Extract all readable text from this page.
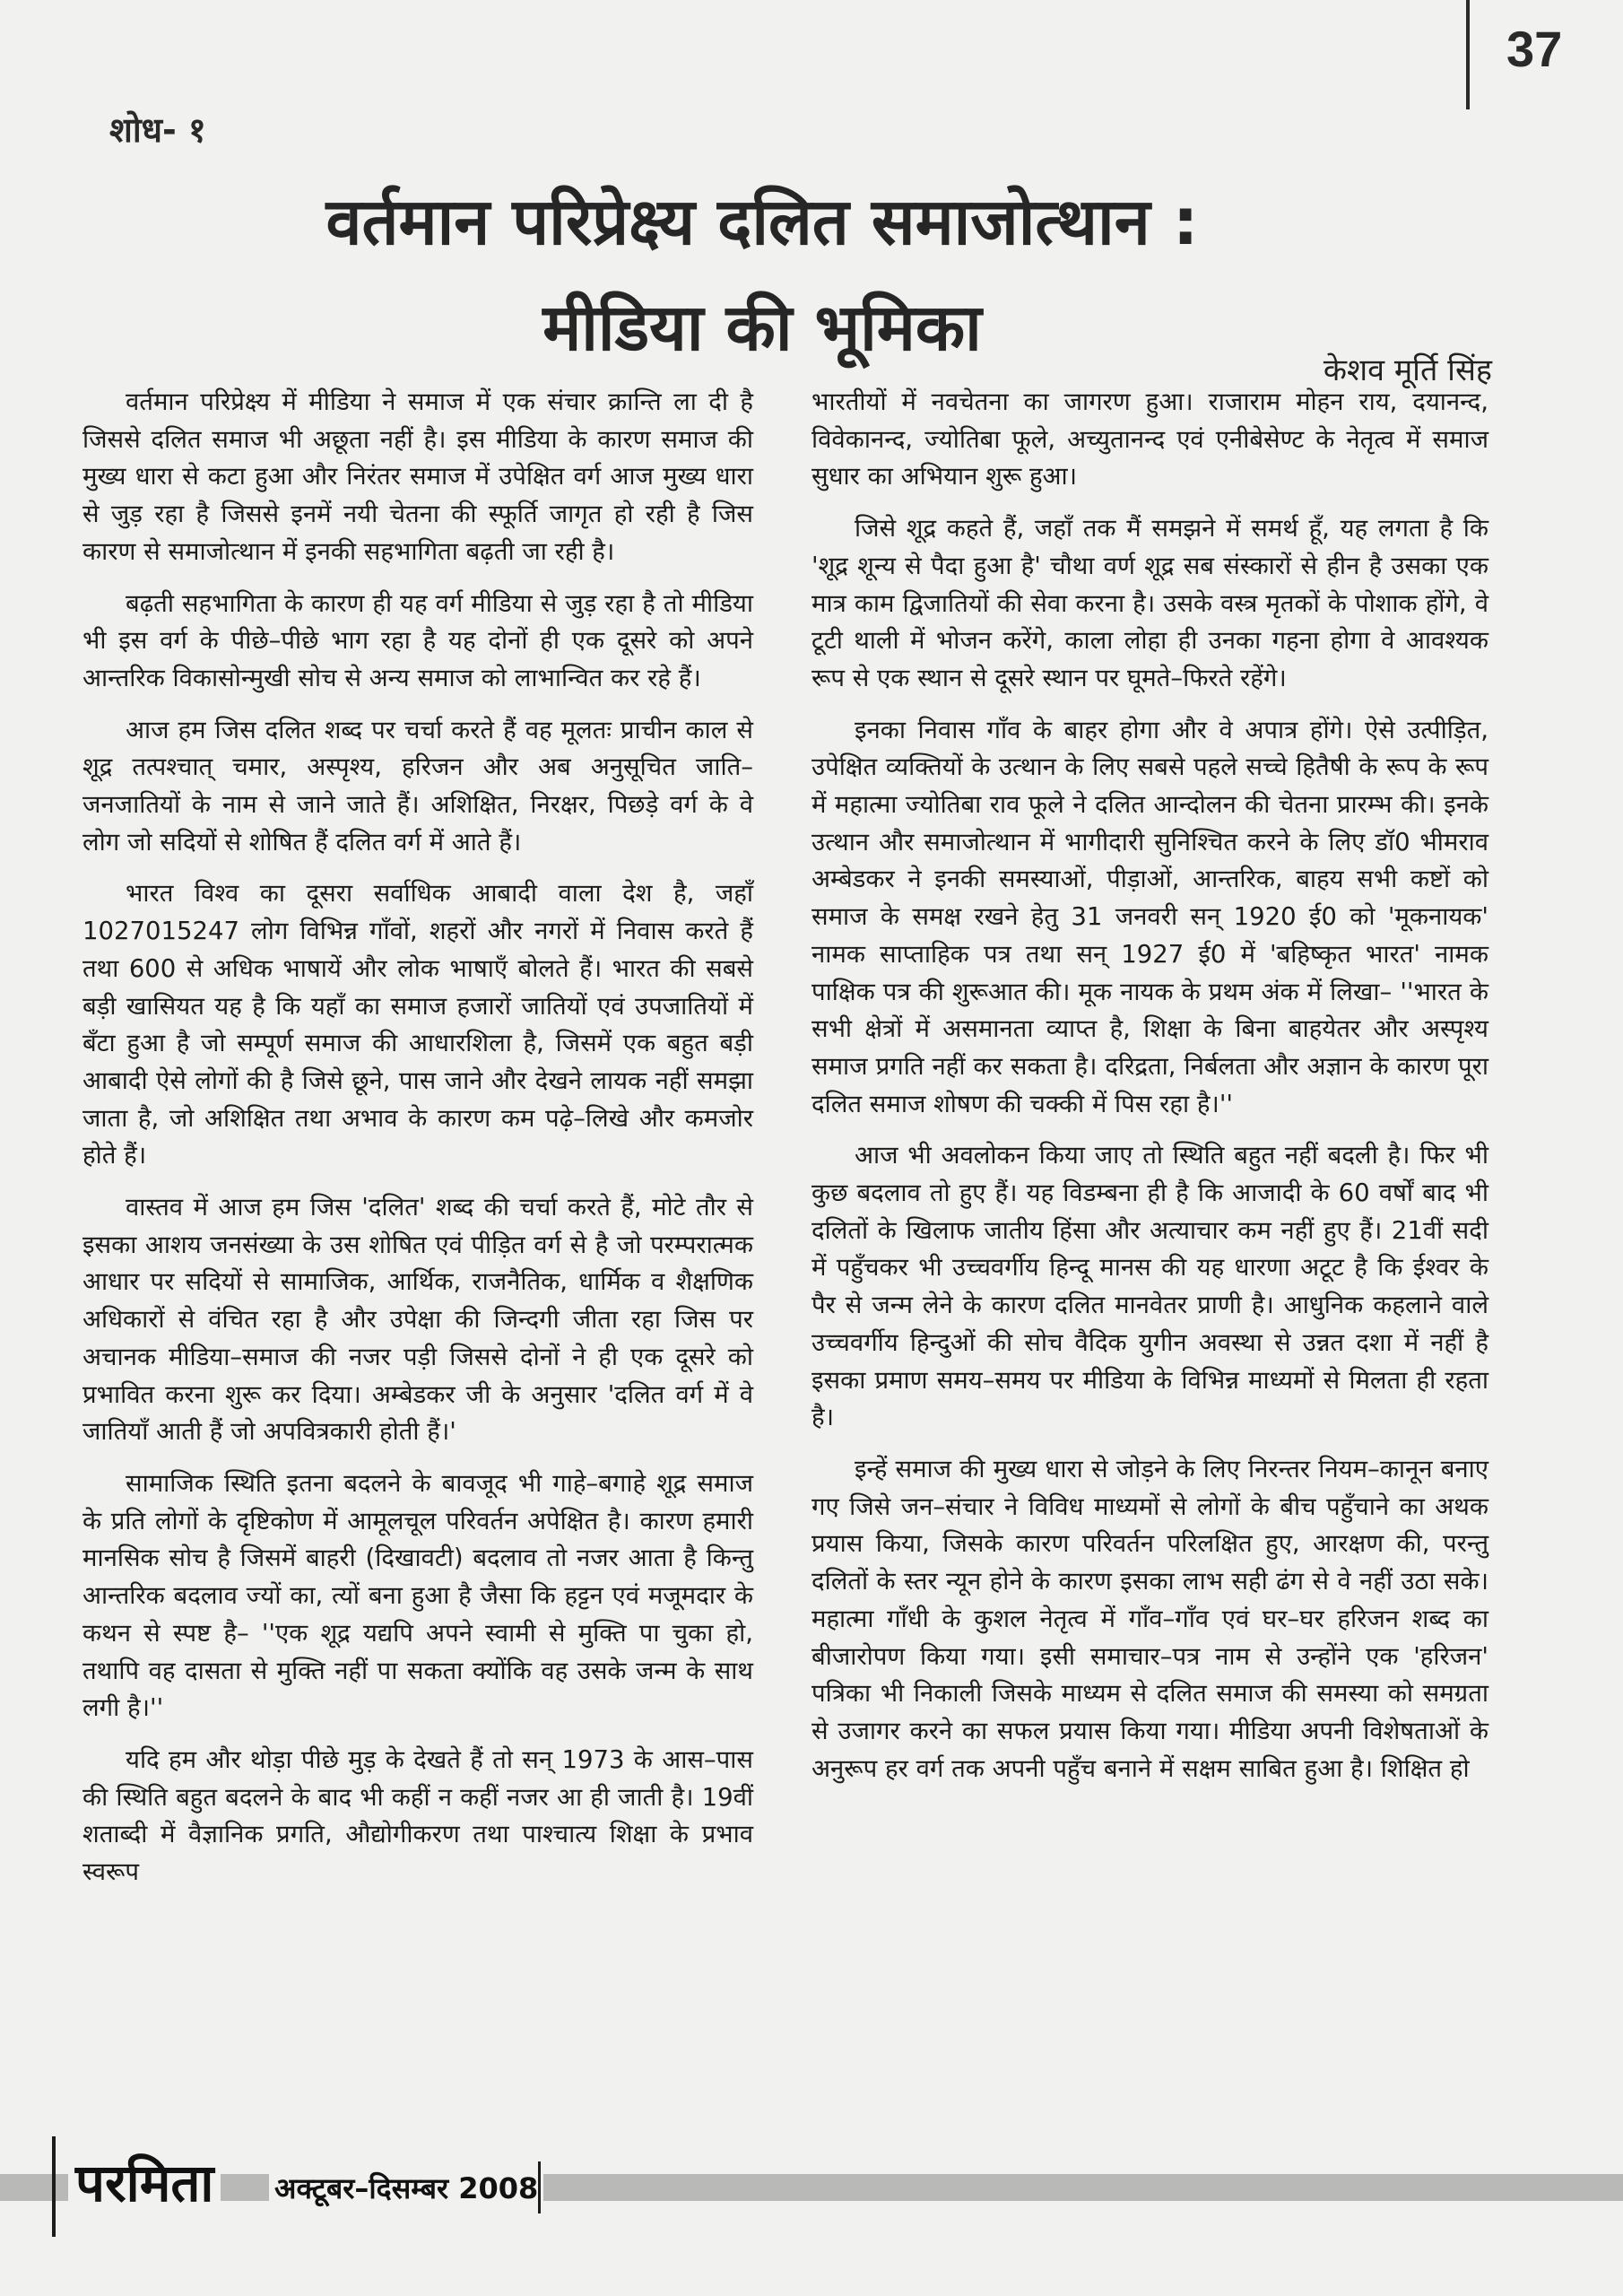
37
शोध- १
वर्तमान परिप्रेक्ष्य दलित समाजोत्थान :
मीडिया की भूमिका
केशव मूर्ति सिंह

वर्तमान परिप्रेक्ष्य में मीडिया ने समाज में एक संचार क्रान्ति ला दी है जिससे दलित समाज भी अछूता नहीं है। इस मीडिया के कारण समाज की मुख्य धारा से कटा हुआ और निरंतर समाज में उपेक्षित वर्ग आज मुख्य धारा से जुड़ रहा है जिससे इनमें नयी चेतना की स्फूर्ति जागृत हो रही है जिस कारण से समाजोत्थान में इनकी सहभागिता बढ़ती जा रही है।

बढ़ती सहभागिता के कारण ही यह वर्ग मीडिया से जुड़ रहा है तो मीडिया भी इस वर्ग के पीछे–पीछे भाग रहा है यह दोनों ही एक दूसरे को अपने आन्तरिक विकासोन्मुखी सोच से अन्य समाज को लाभान्वित कर रहे हैं।

आज हम जिस दलित शब्द पर चर्चा करते हैं वह मूलतः प्राचीन काल से शूद्र तत्पश्चात् चमार, अस्पृश्य, हरिजन और अब अनुसूचित जाति–जनजातियों के नाम से जाने जाते हैं। अशिक्षित, निरक्षर, पिछड़े वर्ग के वे लोग जो सदियों से शोषित हैं दलित वर्ग में आते हैं।

भारत विश्व का दूसरा सर्वाधिक आबादी वाला देश है, जहाँ 1027015247 लोग विभिन्न गाँवों, शहरों और नगरों में निवास करते हैं तथा 600 से अधिक भाषायें और लोक भाषाएँ बोलते हैं। भारत की सबसे बड़ी खासियत यह है कि यहाँ का समाज हजारों जातियों एवं उपजातियों में बँटा हुआ है जो सम्पूर्ण समाज की आधारशिला है, जिसमें एक बहुत बड़ी आबादी ऐसे लोगों की है जिसे छूने, पास जाने और देखने लायक नहीं समझा जाता है, जो अशिक्षित तथा अभाव के कारण कम पढ़े–लिखे और कमजोर होते हैं।

वास्तव में आज हम जिस 'दलित' शब्द की चर्चा करते हैं, मोटे तौर से इसका आशय जनसंख्या के उस शोषित एवं पीड़ित वर्ग से है जो परम्परात्मक आधार पर सदियों से सामाजिक, आर्थिक, राजनैतिक, धार्मिक व शैक्षणिक अधिकारों से वंचित रहा है और उपेक्षा की जिन्दगी जीता रहा जिस पर अचानक मीडिया–समाज की नजर पड़ी जिससे दोनों ने ही एक दूसरे को प्रभावित करना शुरू कर दिया। अम्बेडकर जी के अनुसार 'दलित वर्ग में वे जातियाँ आती हैं जो अपवित्रकारी होती हैं।'

सामाजिक स्थिति इतना बदलने के बावजूद भी गाहे–बगाहे शूद्र समाज के प्रति लोगों के दृष्टिकोण में आमूलचूल परिवर्तन अपेक्षित है। कारण हमारी मानसिक सोच है जिसमें बाहरी (दिखावटी) बदलाव तो नजर आता है किन्तु आन्तरिक बदलाव ज्यों का, त्यों बना हुआ है जैसा कि हट्टन एवं मजूमदार के कथन से स्पष्ट है– ''एक शूद्र यद्यपि अपने स्वामी से मुक्ति पा चुका हो, तथापि वह दासता से मुक्ति नहीं पा सकता क्योंकि वह उसके जन्म के साथ लगी है।''

यदि हम और थोड़ा पीछे मुड़ के देखते हैं तो सन् 1973 के आस–पास की स्थिति बहुत बदलने के बाद भी कहीं न कहीं नजर आ ही जाती है। 19वीं शताब्दी में वैज्ञानिक प्रगति, औद्योगीकरण तथा पाश्चात्य शिक्षा के प्रभाव स्वरूप

भारतीयों में नवचेतना का जागरण हुआ। राजाराम मोहन राय, दयानन्द, विवेकानन्द, ज्योतिबा फूले, अच्युतानन्द एवं एनीबेसेण्ट के नेतृत्व में समाज सुधार का अभियान शुरू हुआ।

जिसे शूद्र कहते हैं, जहाँ तक मैं समझने में समर्थ हूँ, यह लगता है कि 'शूद्र शून्य से पैदा हुआ है' चौथा वर्ण शूद्र सब संस्कारों से हीन है उसका एक मात्र काम द्विजातियों की सेवा करना है। उसके वस्त्र मृतकों के पोशाक होंगे, वे टूटी थाली में भोजन करेंगे, काला लोहा ही उनका गहना होगा वे आवश्यक रूप से एक स्थान से दूसरे स्थान पर घूमते–फिरते रहेंगे।

इनका निवास गाँव के बाहर होगा और वे अपात्र होंगे। ऐसे उत्पीड़ित, उपेक्षित व्यक्तियों के उत्थान के लिए सबसे पहले सच्चे हितैषी के रूप के रूप में महात्मा ज्योतिबा राव फूले ने दलित आन्दोलन की चेतना प्रारम्भ की। इनके उत्थान और समाजोत्थान में भागीदारी सुनिश्चित करने के लिए डॉ0 भीमराव अम्बेडकर ने इनकी समस्याओं, पीड़ाओं, आन्तरिक, बाहय सभी कष्टों को समाज के समक्ष रखने हेतु 31 जनवरी सन् 1920 ई0 को 'मूकनायक' नामक साप्ताहिक पत्र तथा सन् 1927 ई0 में 'बहिष्कृत भारत' नामक पाक्षिक पत्र की शुरूआत की। मूक नायक के प्रथम अंक में लिखा– ''भारत के सभी क्षेत्रों में असमानता व्याप्त है, शिक्षा के बिना बाहयेतर और अस्पृश्य समाज प्रगति नहीं कर सकता है। दरिद्रता, निर्बलता और अज्ञान के कारण पूरा दलित समाज शोषण की चक्की में पिस रहा है।''

आज भी अवलोकन किया जाए तो स्थिति बहुत नहीं बदली है। फिर भी कुछ बदलाव तो हुए हैं। यह विडम्बना ही है कि आजादी के 60 वर्षों बाद भी दलितों के खिलाफ जातीय हिंसा और अत्याचार कम नहीं हुए हैं। 21वीं सदी में पहुँचकर भी उच्चवर्गीय हिन्दू मानस की यह धारणा अटूट है कि ईश्वर के पैर से जन्म लेने के कारण दलित मानवेतर प्राणी है। आधुनिक कहलाने वाले उच्चवर्गीय हिन्दुओं की सोच वैदिक युगीन अवस्था से उन्नत दशा में नहीं है इसका प्रमाण समय–समय पर मीडिया के विभिन्न माध्यमों से मिलता ही रहता है।

इन्हें समाज की मुख्य धारा से जोड़ने के लिए निरन्तर नियम–कानून बनाए गए जिसे जन–संचार ने विविध माध्यमों से लोगों के बीच पहुँचाने का अथक प्रयास किया, जिसके कारण परिवर्तन परिलक्षित हुए, आरक्षण की, परन्तु दलितों के स्तर न्यून होने के कारण इसका लाभ सही ढंग से वे नहीं उठा सके। महात्मा गाँधी के कुशल नेतृत्व में गाँव–गाँव एवं घर–घर हरिजन शब्द का बीजारोपण किया गया। इसी समाचार–पत्र नाम से उन्होंने एक 'हरिजन' पत्रिका भी निकाली जिसके माध्यम से दलित समाज की समस्या को समग्रता से उजागर करने का सफल प्रयास किया गया। मीडिया अपनी विशेषताओं के अनुरूप हर वर्ग तक अपनी पहुँच बनाने में सक्षम साबित हुआ है। शिक्षित हो

परमिता अक्टूबर–दिसम्बर 2008
